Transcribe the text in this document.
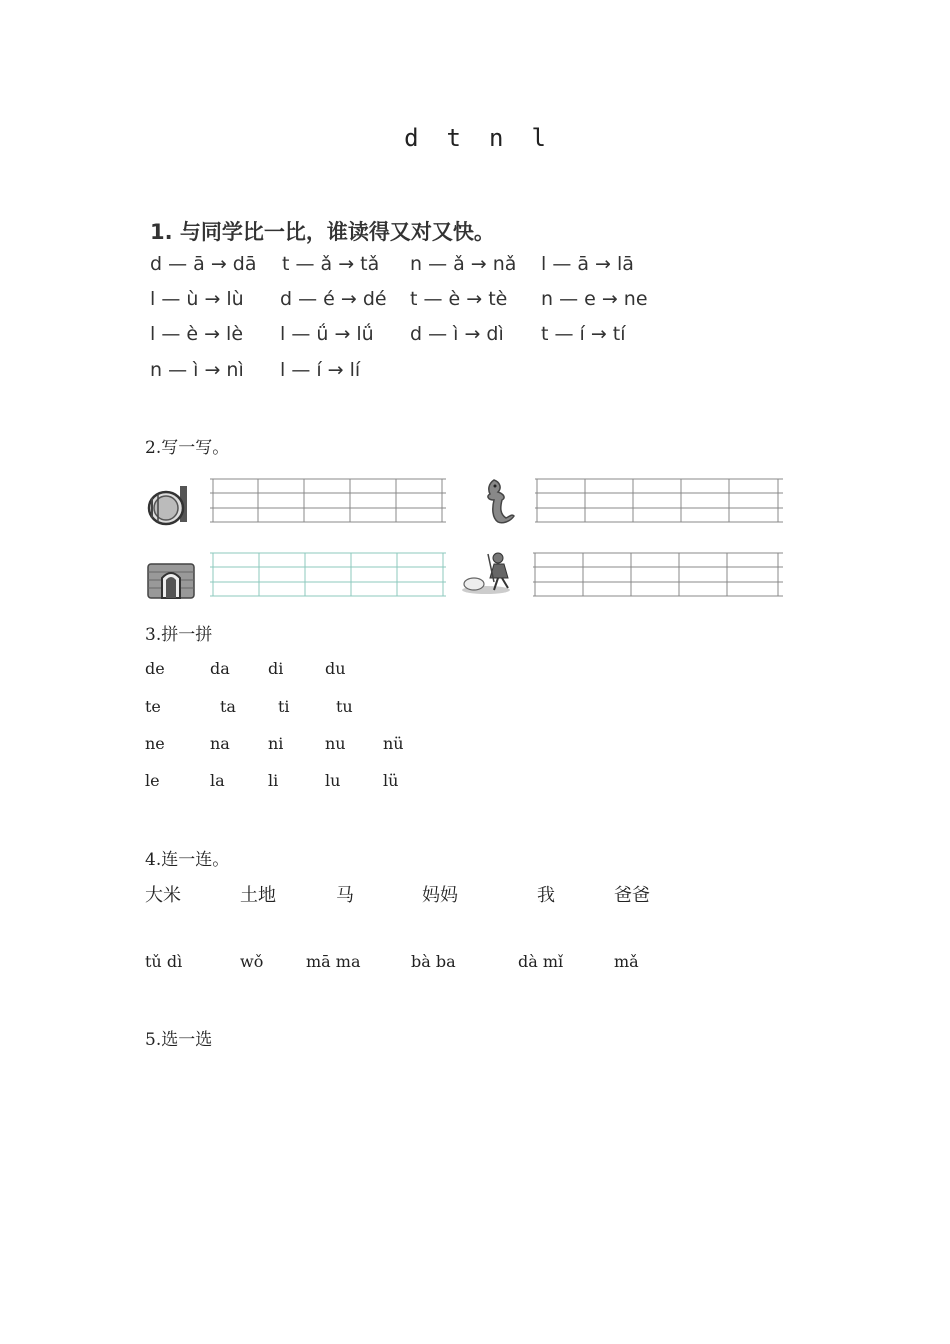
d t n l
1. 与同学比一比，谁读得又对又快。
d — ā → dā t — ǎ → tǎ n — ǎ → nǎ l — ā → lā
l — ù → lù d — é → dé t — è → tè n — e → ne
l — è → lè l — ǘ → lǘ d — ì → dì t — í → tí
n — ì → nì l — í → lí
2.写一写。
3.拼一拼
de	da di	du
te	ta	ti	tu
ne	na ni	nu nü
le	la	li	lu	lü
4.连一连。
大米	土地	马	妈妈	我	爸爸
tǔ dì	wǒ	mā ma	bà ba	dà mǐ	mǎ
5.选一选
